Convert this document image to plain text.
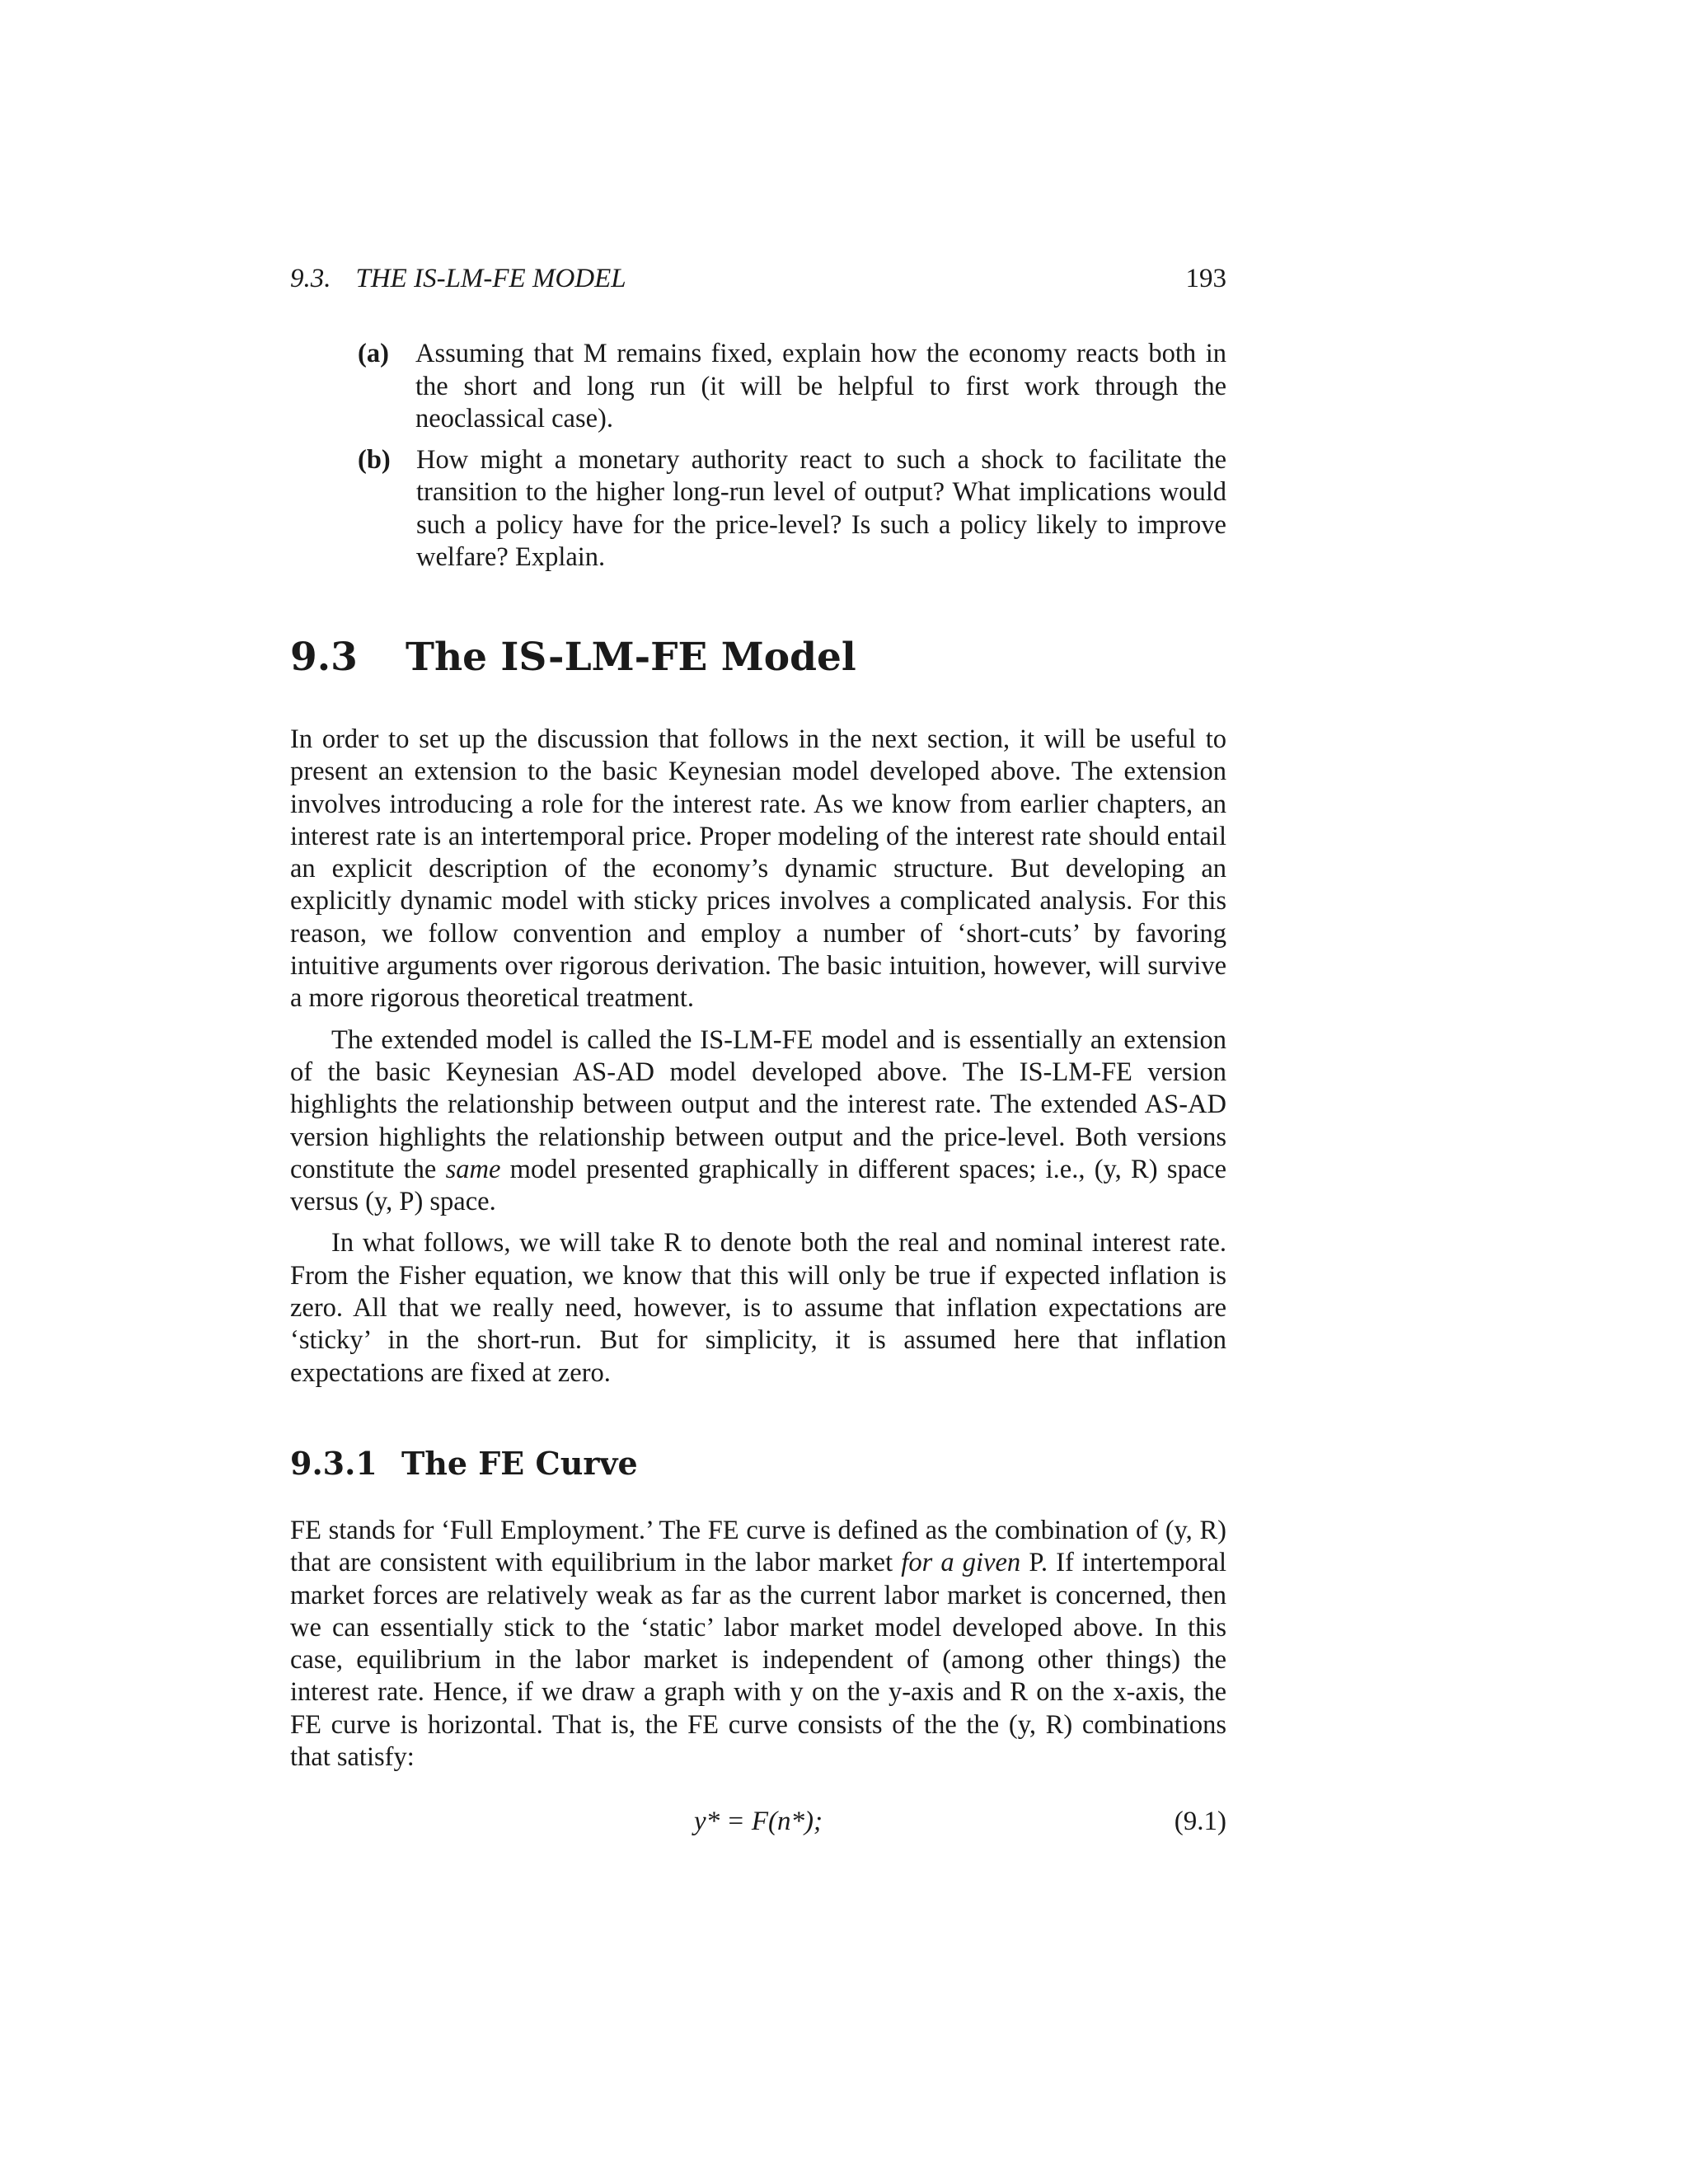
9.3. THE IS-LM-FE MODEL	193
(a) Assuming that M remains fixed, explain how the economy reacts both in the short and long run (it will be helpful to first work through the neoclassical case).
(b) How might a monetary authority react to such a shock to facilitate the transition to the higher long-run level of output? What implications would such a policy have for the price-level? Is such a policy likely to improve welfare? Explain.
9.3 The IS-LM-FE Model

In order to set up the discussion that follows in the next section, it will be useful to present an extension to the basic Keynesian model developed above. The extension involves introducing a role for the interest rate. As we know from earlier chapters, an interest rate is an intertemporal price. Proper modeling of the interest rate should entail an explicit description of the economy’s dynamic structure. But developing an explicitly dynamic model with sticky prices involves a complicated analysis. For this reason, we follow convention and employ a number of ‘short-cuts’ by favoring intuitive arguments over rigorous derivation. The basic intuition, however, will survive a more rigorous theoretical treatment.

The extended model is called the IS-LM-FE model and is essentially an extension of the basic Keynesian AS-AD model developed above. The IS-LM-FE version highlights the relationship between output and the interest rate. The extended AS-AD version highlights the relationship between output and the price-level. Both versions constitute the same model presented graphically in different spaces; i.e., (y, R) space versus (y, P) space.

In what follows, we will take R to denote both the real and nominal interest rate. From the Fisher equation, we know that this will only be true if expected inflation is zero. All that we really need, however, is to assume that inflation expectations are ‘sticky’ in the short-run. But for simplicity, it is assumed here that inflation expectations are fixed at zero.

9.3.1 The FE Curve

FE stands for ‘Full Employment.’ The FE curve is defined as the combination of (y, R) that are consistent with equilibrium in the labor market for a given P. If intertemporal market forces are relatively weak as far as the current labor market is concerned, then we can essentially stick to the ‘static’ labor market model developed above. In this case, equilibrium in the labor market is independent of (among other things) the interest rate. Hence, if we draw a graph with y on the y-axis and R on the x-axis, the FE curve is horizontal. That is, the FE curve consists of the the (y, R) combinations that satisfy:

y* = F(n*);	(9.1)
